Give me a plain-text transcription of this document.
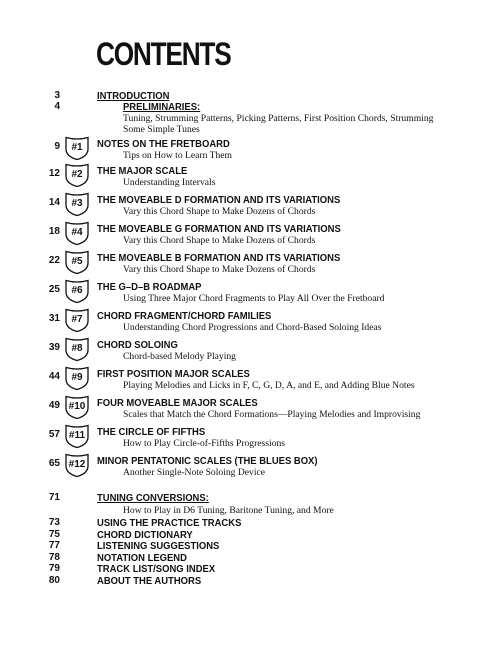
CONTENTS
3	INTRODUCTION
4	PRELIMINARIES:
Tuning, Strumming Patterns, Picking Patterns, First Position Chords, Strumming
Some Simple Tunes
9	#1	NOTES ON THE FRETBOARD
Tips on How to Learn Them
12	#2	THE MAJOR SCALE
Understanding Intervals
14	#3	THE MOVEABLE D FORMATION AND ITS VARIATIONS
Vary this Chord Shape to Make Dozens of Chords
18	#4	THE MOVEABLE G FORMATION AND ITS VARIATIONS
Vary this Chord Shape to Make Dozens of Chords
22	#5	THE MOVEABLE B FORMATION AND ITS VARIATIONS
Vary this Chord Shape to Make Dozens of Chords
25	#6	THE G–D–B ROADMAP
Using Three Major Chord Fragments to Play All Over the Fretboard
31	#7	CHORD FRAGMENT/CHORD FAMILIES
Understanding Chord Progressions and Chord-Based Soloing Ideas
39	#8	CHORD SOLOING
Chord-based Melody Playing
44	#9	FIRST POSITION MAJOR SCALES
Playing Melodies and Licks in F, C, G, D, A, and E, and Adding Blue Notes
49 #10	FOUR MOVEABLE MAJOR SCALES
Scales that Match the Chord Formations—Playing Melodies and Improvising
57 #11	THE CIRCLE OF FIFTHS
How to Play Circle-of-Fifths Progressions
65 #12	MINOR PENTATONIC SCALES (THE BLUES BOX)
Another Single-Note Soloing Device
71	TUNING CONVERSIONS:
How to Play in D6 Tuning, Baritone Tuning, and More
73	USING THE PRACTICE TRACKS
75	CHORD DICTIONARY
77	LISTENING SUGGESTIONS
78	NOTATION LEGEND
79	TRACK LIST/SONG INDEX
80	ABOUT THE AUTHORS
